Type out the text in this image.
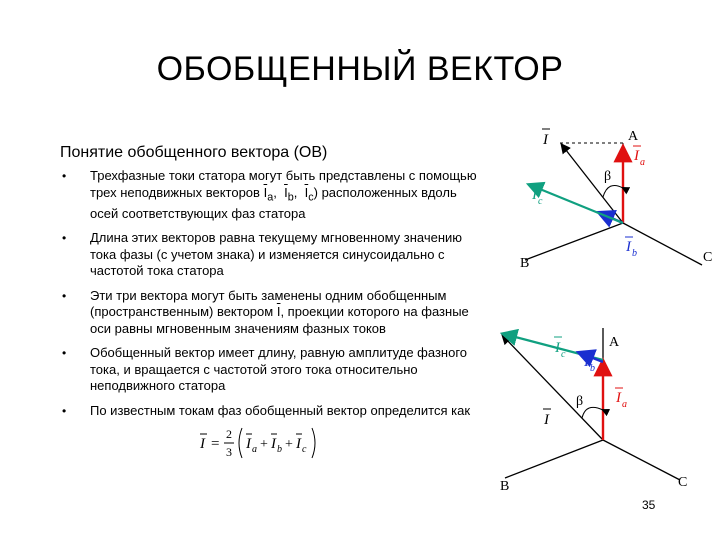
ОБОБЩЕННЫЙ ВЕКТОР
Понятие обобщенного вектора (ОВ)
• Трехфазные токи статора могут быть представлены с помощью трех неподвижных векторов $\overline{I}_a$,  $\overline{I}_b$,  $\overline{I}_c$) расположенных вдоль осей соответствующих фаз статора
• Длина этих векторов равна текущему мгновенному значению тока фазы (с учетом знака) и изменяется синусоидально с частотой тока статора
• Эти три вектора могут быть заменены одним обобщенным (пространственным) вектором $\overline{I}$, проекции которого на фазные оси равны мгновенным значениям фазных токов
• Обобщенный вектор имеет длину, равную амплитуде фазного тока, и вращается с частотой этого тока относительно неподвижного статора
• По известным токам фаз обобщенный вектор определится как
I =
2
3 I a + I b + I c
A
I
I a
β
I c
I b
B	C
I c
A
I b
β I a
I
B	C
35
